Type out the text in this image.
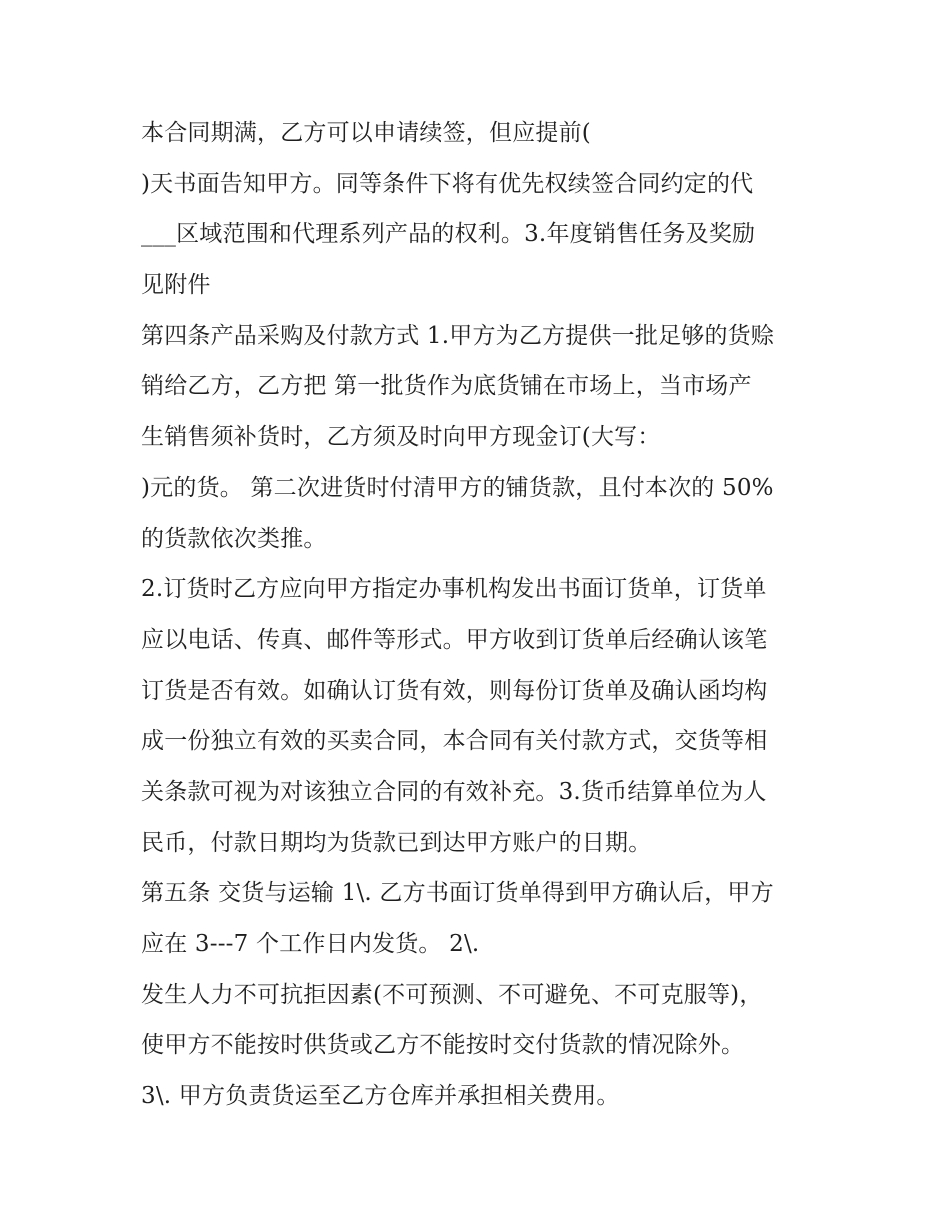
本合同期满，乙方可以申请续签，但应提前(
)天书面告知甲方。同等条件下将有优先权续签合同约定的代
___区域范围和代理系列产品的权利。3.年度销售任务及奖励
见附件
第四条产品采购及付款方式 1.甲方为乙方提供一批足够的货赊
销给乙方，乙方把 第一批货作为底货铺在市场上，当市场产
生销售须补货时，乙方须及时向甲方现金订(大写：
)元的货。 第二次进货时付清甲方的铺货款，且付本次的 50%
的货款依次类推。
2.订货时乙方应向甲方指定办事机构发出书面订货单，订货单
应以电话、传真、邮件等形式。甲方收到订货单后经确认该笔
订货是否有效。如确认订货有效，则每份订货单及确认函均构
成一份独立有效的买卖合同，本合同有关付款方式，交货等相
关条款可视为对该独立合同的有效补充。3.货币结算单位为人
民币，付款日期均为货款已到达甲方账户的日期。
第五条 交货与运输 1\. 乙方书面订货单得到甲方确认后，甲方
应在 3---7 个工作日内发货。 2\.
发生人力不可抗拒因素(不可预测、不可避免、不可克服等)，
使甲方不能按时供货或乙方不能按时交付货款的情况除外。
3\. 甲方负责货运至乙方仓库并承担相关费用。
